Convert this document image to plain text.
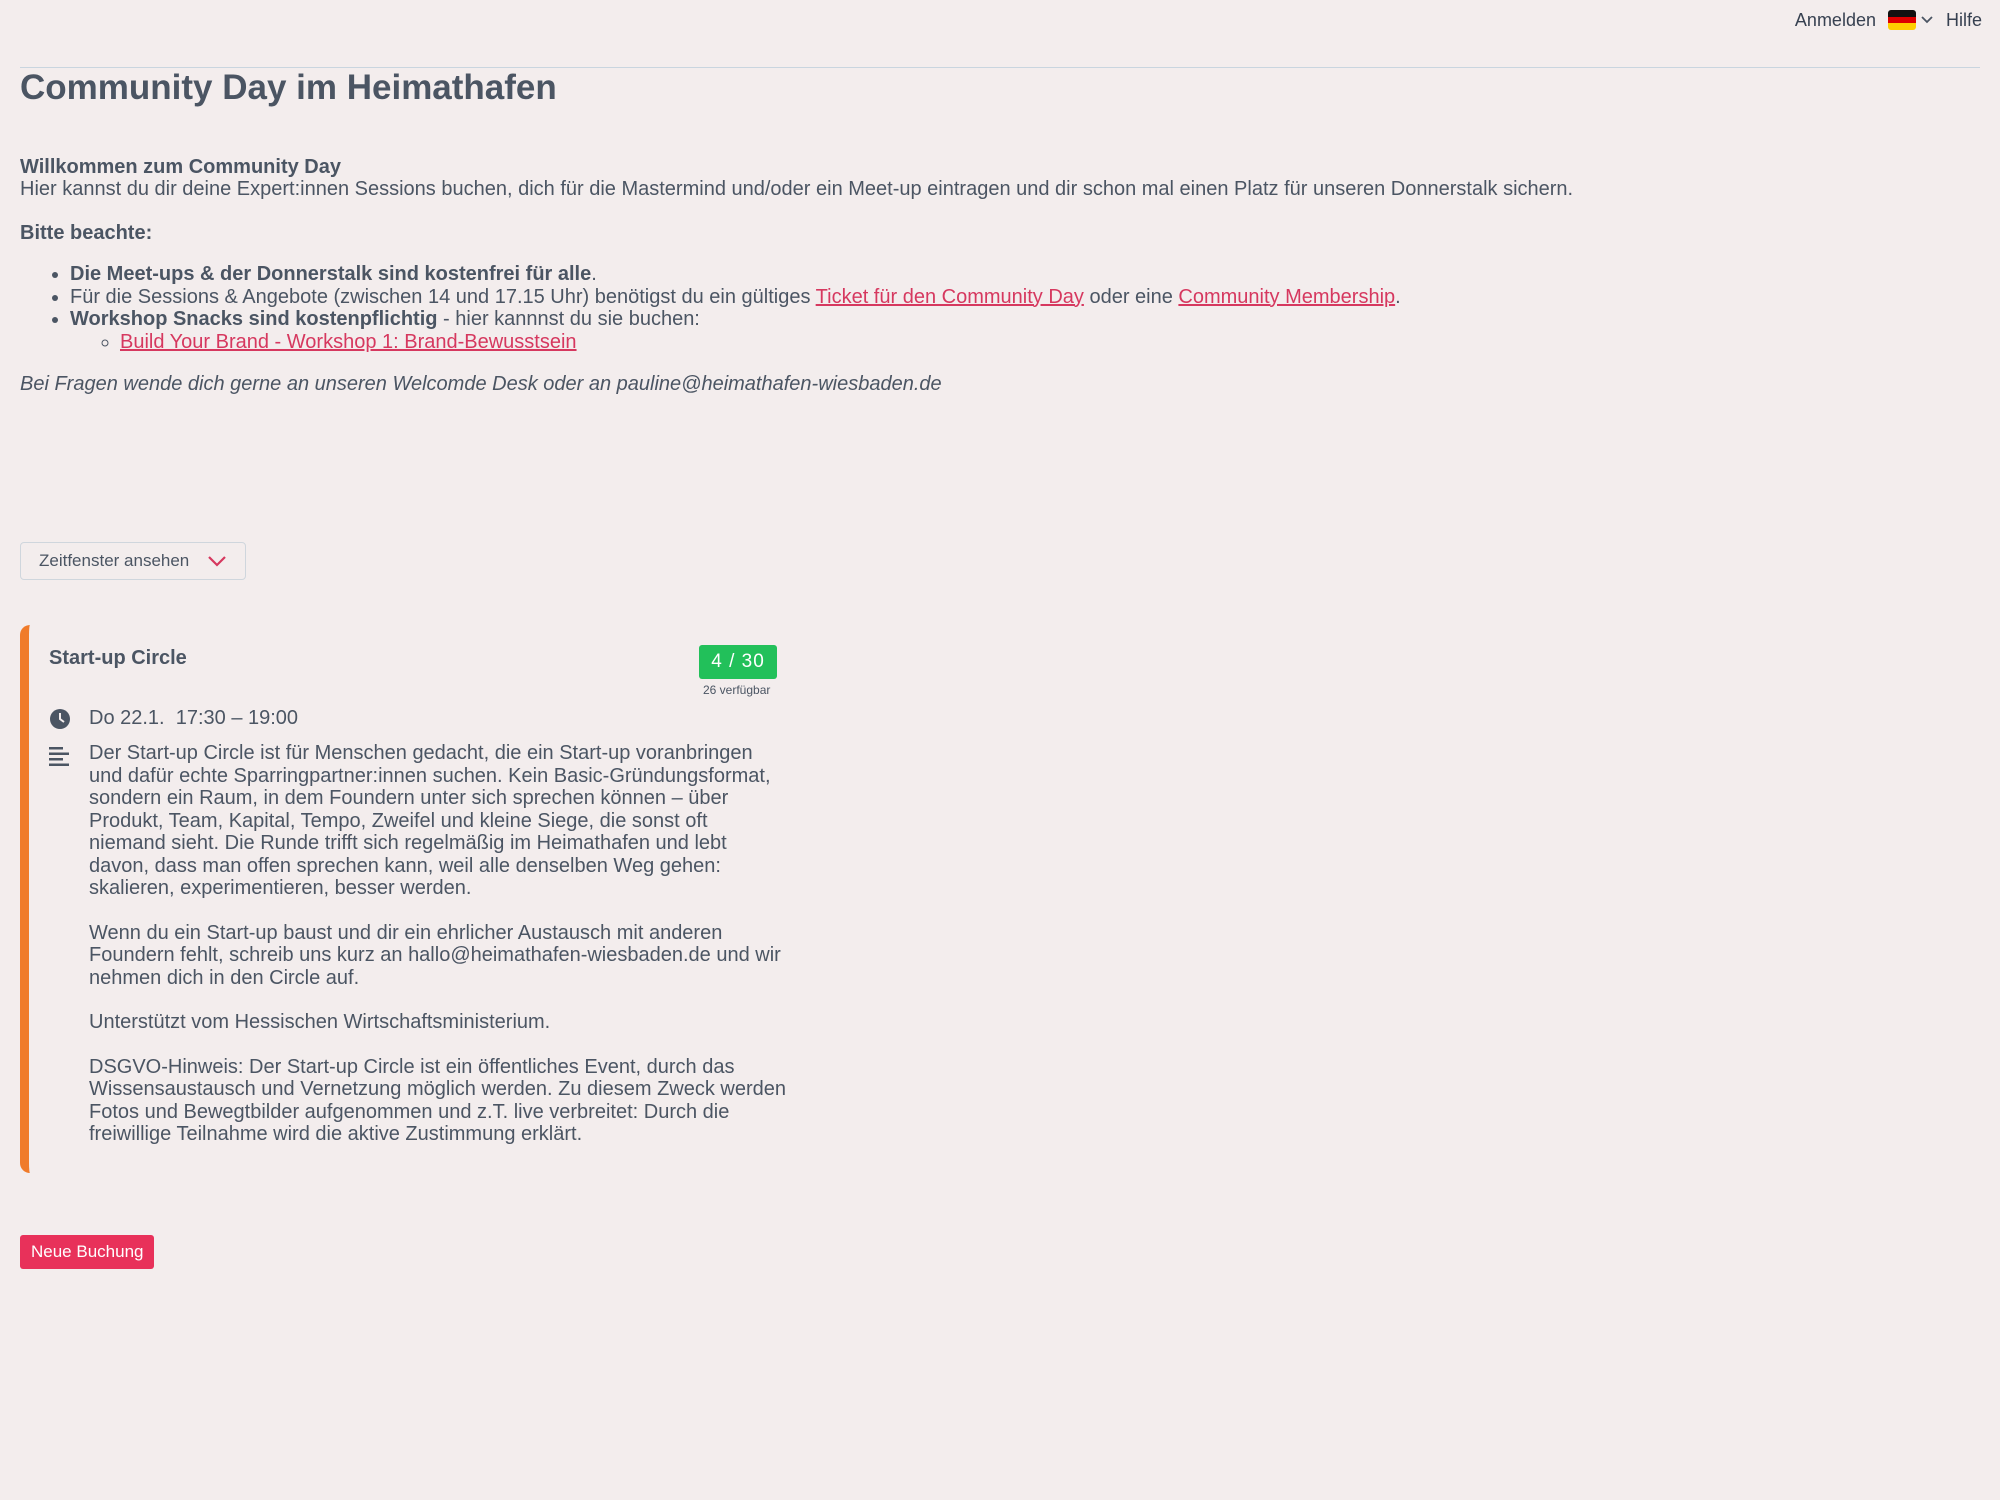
Anmelden	Hilfe
Community Day im Heimathafen
Willkommen zum Community Day
Hier kannst du dir deine Expert:innen Sessions buchen, dich für die Mastermind und/oder ein Meet-up eintragen und dir schon mal einen Platz für unseren Donnerstalk sichern.
Bitte beachte:
• Die Meet-ups & der Donnerstalk sind kostenfrei für alle.
• Für die Sessions & Angebote (zwischen 14 und 17.15 Uhr) benötigst du ein gültiges Ticket für den Community Day oder eine Community Membership.
• Workshop Snacks sind kostenpflichtig - hier kannnst du sie buchen:
◦ Build Your Brand - Workshop 1: Brand-Bewusstsein
Bei Fragen wende dich gerne an unseren Welcomde Desk oder an pauline@heimathafen-wiesbaden.de
Zeitfenster ansehen
Start-up Circle	4 / 30
26 verfügbar
Do 22.1.  17:30 – 19:00

Der Start-up Circle ist für Menschen gedacht, die ein Start-up voranbringen und dafür echte Sparringpartner:innen suchen. Kein Basic-Gründungsformat, sondern ein Raum, in dem Foundern unter sich sprechen können – über Produkt, Team, Kapital, Tempo, Zweifel und kleine Siege, die sonst oft niemand sieht. Die Runde trifft sich regelmäßig im Heimathafen und lebt davon, dass man offen sprechen kann, weil alle denselben Weg gehen: skalieren, experimentieren, besser werden.

Wenn du ein Start-up baust und dir ein ehrlicher Austausch mit anderen Foundern fehlt, schreib uns kurz an hallo@heimathafen-wiesbaden.de und wir nehmen dich in den Circle auf.

Unterstützt vom Hessischen Wirtschaftsministerium.

DSGVO-Hinweis: Der Start-up Circle ist ein öffentliches Event, durch das Wissensaustausch und Vernetzung möglich werden. Zu diesem Zweck werden Fotos und Bewegtbilder aufgenommen und z.T. live verbreitet: Durch die freiwillige Teilnahme wird die aktive Zustimmung erklärt.

Neue Buchung
